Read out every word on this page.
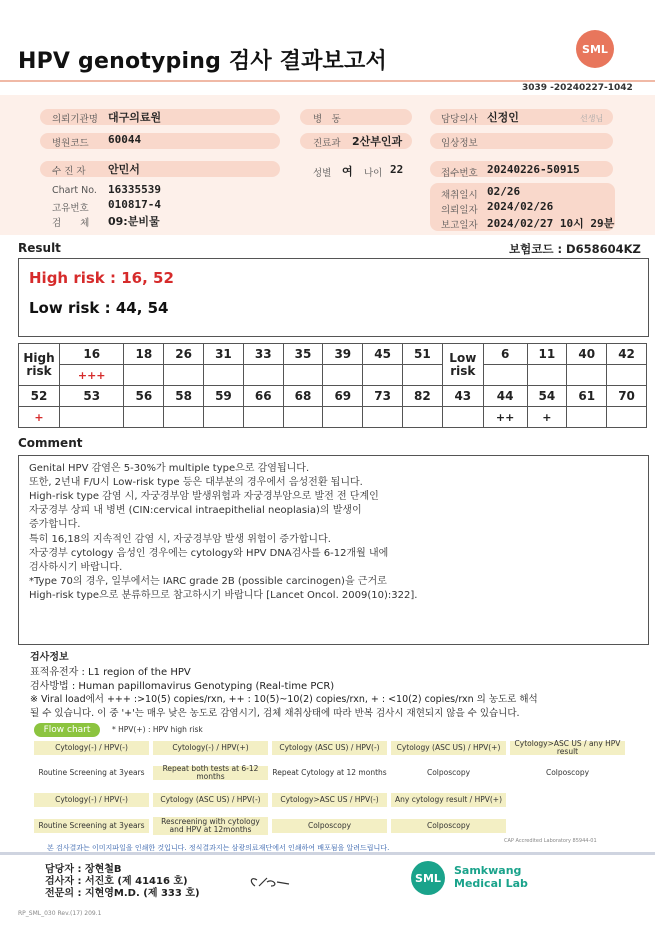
HPV genotyping 검사 결과보고서	SML
3039 -20240227-1042
의뢰기관명 대구의료원
병원코드 60044
수 진 자 안민서
Chart No. 16335539
고유번호 010817-4
검　　체 09:분비물
병　동
진료과 2산부인과
성별 여 나이 22
담당의사 신정인	선생님
임상정보
접수번호 20240226-50915
채취일시 02/26
의뢰일자 2024/02/26
보고일자 2024/02/27 10시 29분
Result	보험코드 : D658604KZ
High risk : 16, 52
Low risk : 44, 54
High risk	16	18	26	31	33	35	39	45	51	Low risk	6	11	40	42
	+++													
52	53	56	58	59	66	68	69	73	82	43	44	54	61	70
+											++	+		
Comment
Genital HPV 감염은 5-30%가 multiple type으로 감염됩니다.
또한, 2년내 F/U시 Low-risk type 등은 대부분의 경우에서 음성전환 됩니다.
High-risk type 감염 시, 자궁경부암 발생위험과 자궁경부암으로 발전 전 단계인
자궁경부 상피 내 병변 (CIN:cervical intraepithelial neoplasia)의 발생이
증가합니다.
특히 16,18의 지속적인 감염 시, 자궁경부암 발생 위험이 증가합니다.
자궁경부 cytology 음성인 경우에는 cytology와 HPV DNA검사를 6-12개월 내에
검사하시기 바랍니다.
*Type 70의 경우, 일부에서는 IARC grade 2B (possible carcinogen)을 근거로
High-risk type으로 분류하므로 참고하시기 바랍니다 [Lancet Oncol. 2009(10):322].
검사정보
표적유전자 : L1 region of the HPV
검사방법 : Human papillomavirus Genotyping (Real-time PCR)
※ Viral load에서 +++ :>10(5) copies/rxn, ++ : 10(5)~10(2) copies/rxn, + : <10(2) copies/rxn 의 농도로 해석
될 수 있습니다. 이 중 '+'는 매우 낮은 농도로 감염시기, 검체 채취상태에 따라 반복 검사시 재현되지 않을 수 있습니다.
Flow chart	* HPV(+) : HPV high risk
Cytology(-) / HPV(-)	Cytology(-) / HPV(+)	Cytology (ASC US) / HPV(-)	Cytology (ASC US) / HPV(+)	Cytology>ASC US / any HPV result
Routine Screening at 3years	Repeat both tests at 6-12 months	Repeat Cytology at 12 months	Colposcopy	Colposcopy
Cytology(-) / HPV(-)	Cytology (ASC US) / HPV(-)	Cytology>ASC US / HPV(-)	Any cytology result / HPV(+)
Routine Screening at 3years	Rescreening with cytology and HPV at 12months	Colposcopy	Colposcopy
CAP Accredited Laboratory 85944-01
본 검사결과는 이미지파일을 인쇄한 것입니다. 정식결과지는 삼광의료재단에서 인쇄하여 배포됨을 알려드립니다.
담당자 : 장현철B
검사자 : 서진호 (제 41416 호)
전문의 : 지현영M.D. (제 333 호)
SML
Samkwang
Medical Lab
RP_SML_030 Rev.(17) 209.1
